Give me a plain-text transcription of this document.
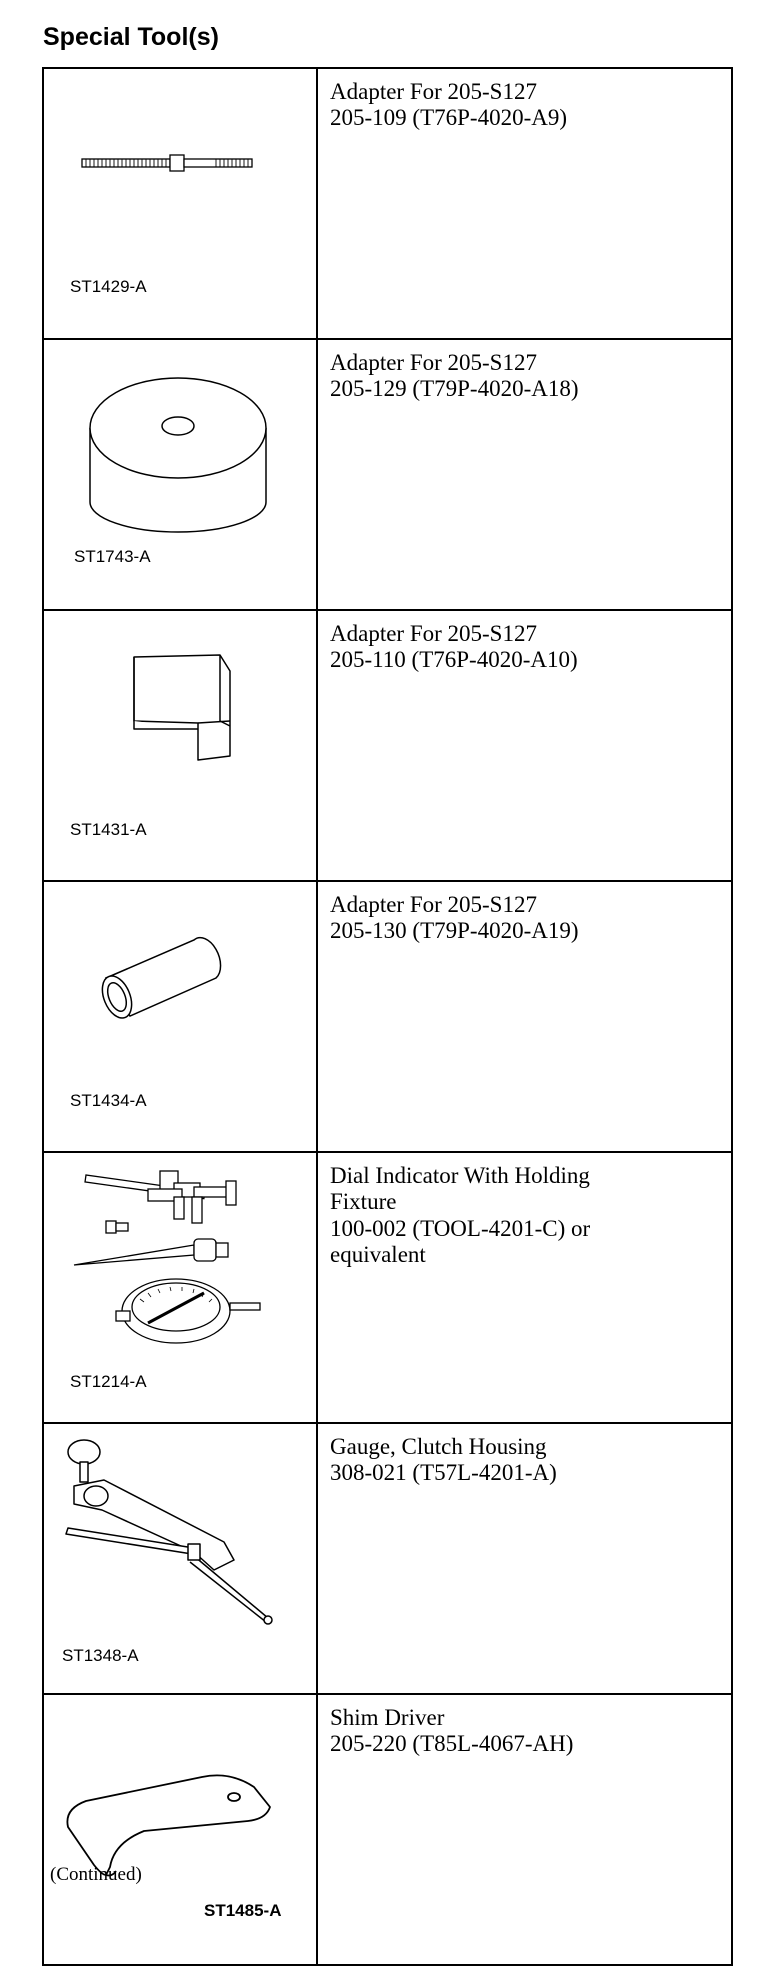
Special Tool(s)
ST1429-A	Adapter For 205-S127
205-109 (T76P-4020-A9)

ST1743-A	Adapter For 205-S127
205-129 (T79P-4020-A18)

ST1431-A	Adapter For 205-S127
205-110 (T76P-4020-A10)

ST1434-A	Adapter For 205-S127
205-130 (T79P-4020-A19)

ST1214-A	Dial Indicator With Holding
Fixture
100-002 (TOOL-4201-C) or
equivalent

ST1348-A	Gauge, Clutch Housing
308-021 (T57L-4201-A)

ST1485-A	Shim Driver
205-220 (T85L-4067-AH)
(Continued)
